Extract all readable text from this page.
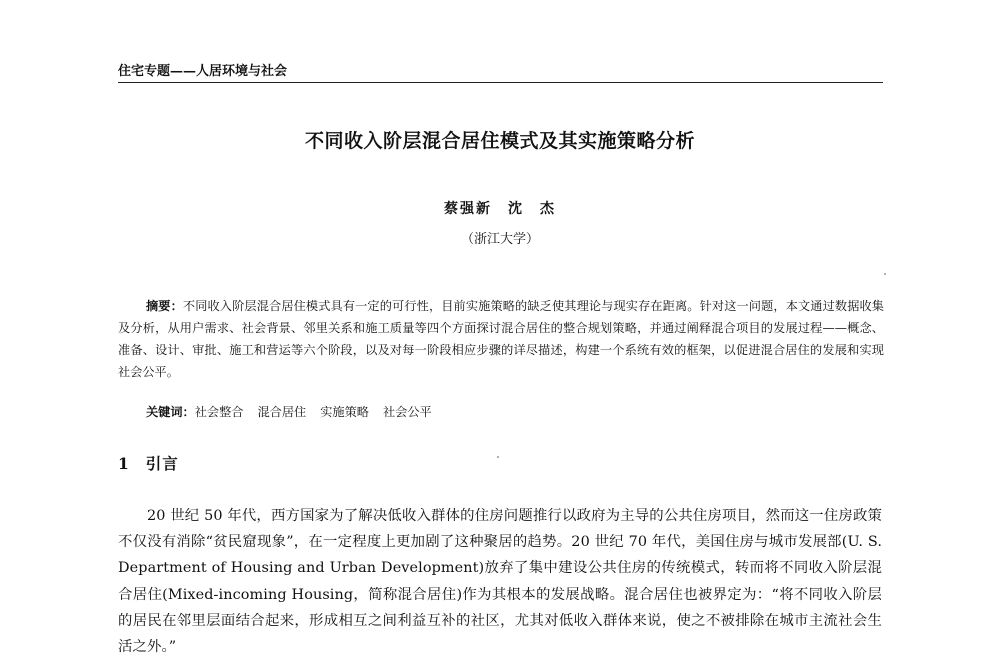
住宅专题——人居环境与社会
不同收入阶层混合居住模式及其实施策略分析
蔡强新　沈　杰
（浙江大学）
摘要：不同收入阶层混合居住模式具有一定的可行性，目前实施策略的缺乏使其理论与现实存在距离。针对这一问题，本文通过数据收集及分析，从用户需求、社会背景、邻里关系和施工质量等四个方面探讨混合居住的整合规划策略，并通过阐释混合项目的发展过程——概念、准备、设计、审批、施工和营运等六个阶段，以及对每一阶段相应步骤的详尽描述，构建一个系统有效的框架，以促进混合居住的发展和实现社会公平。
关键词：社会整合 混合居住 实施策略 社会公平
1 引言
20 世纪 50 年代，西方国家为了解决低收入群体的住房问题推行以政府为主导的公共住房项目，然而这一住房政策不仅没有消除“贫民窟现象”，在一定程度上更加剧了这种聚居的趋势。20 世纪 70 年代，美国住房与城市发展部(U. S. Department of Housing and Urban Development)放弃了集中建设公共住房的传统模式，转而将不同收入阶层混合居住(Mixed-incoming Housing，简称混合居住)作为其根本的发展战略。混合居住也被界定为：“将不同收入阶层的居民在邻里层面结合起来，形成相互之间利益互补的社区，尤其对低收入群体来说，使之不被排除在城市主流社会生活之外。”
